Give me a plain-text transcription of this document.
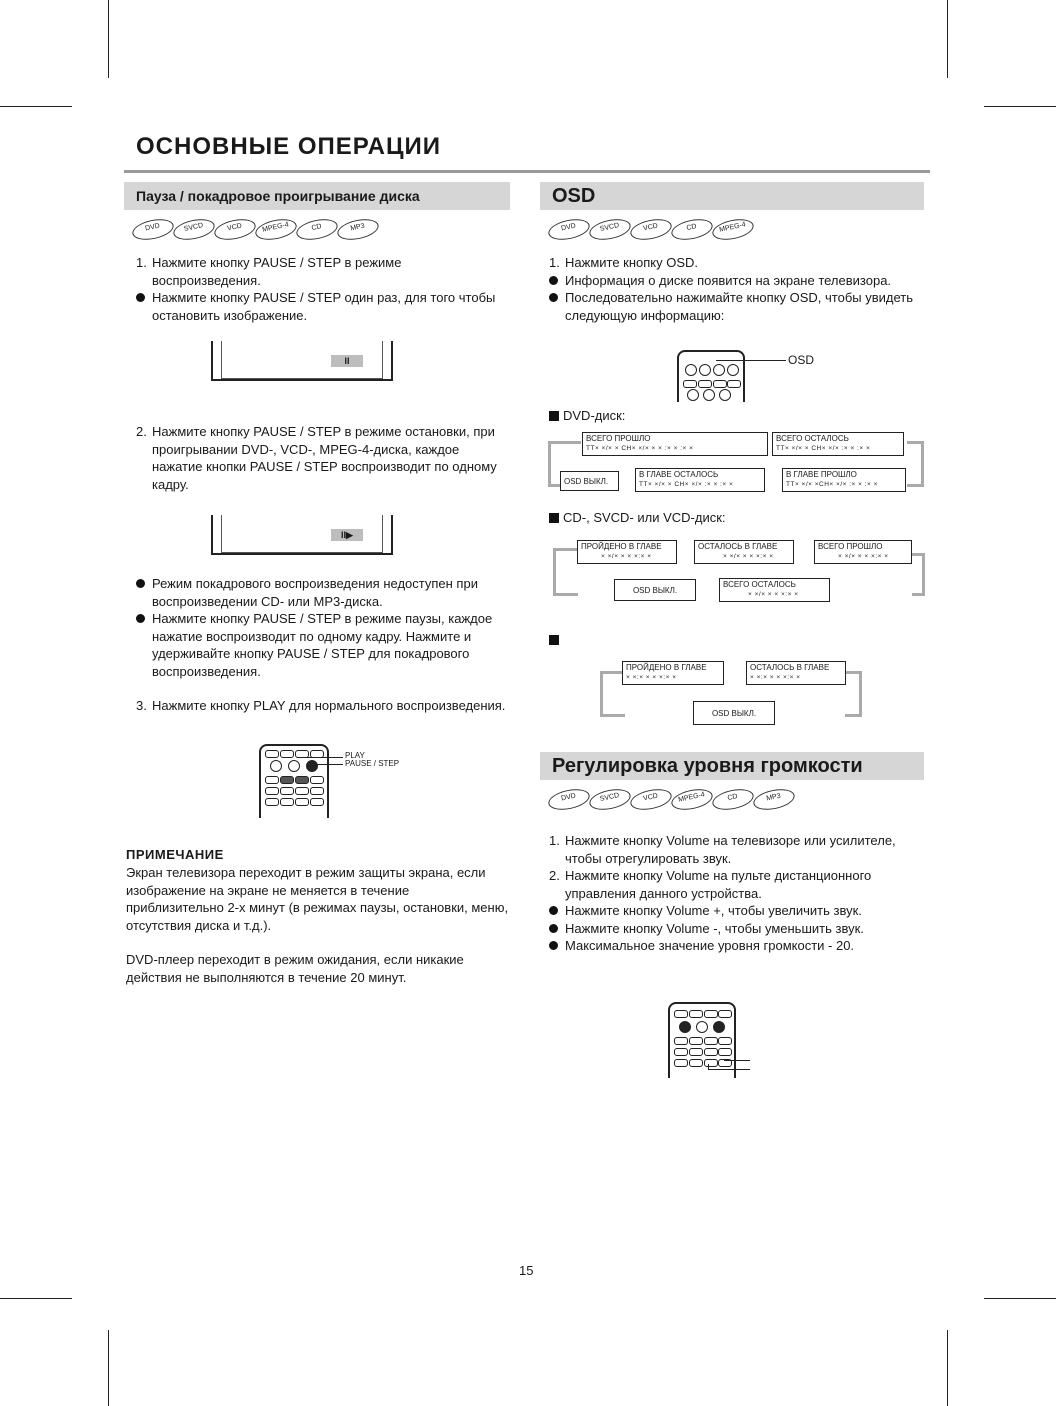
ОСНОВНЫЕ ОПЕРАЦИИ
Пауза / покадровое проигрывание диска
DVD	SVCD	VCD	MPEG-4	CD	MP3
1. Нажмите кнопку PAUSE / STEP в режиме воспроизведения.
Нажмите кнопку PAUSE / STEP один раз, для того чтобы остановить изображение.
II
2. Нажмите кнопку PAUSE / STEP в режиме остановки, при проигрывании DVD-, VCD-, MPEG-4-диска, каждое нажатие кнопки PAUSE / STEP воспроизводит по одному кадру.
II▶
Режим покадрового воспроизведения недоступен при воспроизведении CD- или MP3-диска.
Нажмите кнопку PAUSE / STEP в режиме паузы, каждое нажатие воспроизводит по одному кадру. Нажмите и удерживайте кнопку PAUSE / STEP для покадрового воспроизведения.
3. Нажмите кнопку PLAY для нормального воспроизведения.
PLAY
PAUSE / STEP
ПРИМЕЧАНИЕ
Экран телевизора переходит в режим защиты экрана, если изображение на экране не меняется в течение приблизительно 2-х минут (в режимах паузы, остановки, меню, отсутствия диска и т.д.).
DVD-плеер переходит в режим ожидания, если никакие действия не выполняются в течение 20 минут.
OSD
DVD	SVCD	VCD	CD	MPEG-4
1. Нажмите кнопку OSD.
Информация о диске появится на экране телевизора.
Последовательно нажимайте кнопку OSD, чтобы увидеть следующую информацию:
OSD
DVD-диск:
ВСЕГО ПРОШЛО
TT× ×/× × CH× ×/× × × :× × :× ×
ВСЕГО ОСТАЛОСЬ
TT× ×/× × CH× ×/× :× × :× ×
OSD ВЫКЛ.
В ГЛАВЕ ОСТАЛОСЬ
TT× ×/× × CH× ×/× :× × :× ×
В ГЛАВЕ ПРОШЛО
TT× ×/× ×CH× ×/× :× × :× ×
CD-, SVCD- или VCD-диск:
ПРОЙДЕНО В ГЛАВЕ
× ×/× × × ×:× ×
ОСТАЛОСЬ В ГЛАВЕ
× ×/× × × ×:× ×
ВСЕГО ПРОШЛО
× ×/× × × ×:× ×
OSD ВЫКЛ.
ВСЕГО ОСТАЛОСЬ
× ×/× × × ×:× ×
ПРОЙДЕНО В ГЛАВЕ
× ×:× × × ×:× ×
ОСТАЛОСЬ В ГЛАВЕ
× ×:× × × ×:× ×
OSD ВЫКЛ.
Регулировка уровня громкости
DVD	SVCD	VCD	MPEG-4	CD	MP3
1. Нажмите кнопку Volume на телевизоре или усилителе, чтобы отрегулировать звук.
2. Нажмите кнопку Volume на пульте дистанционного управления данного устройства.
Нажмите кнопку Volume +, чтобы увеличить звук.
Нажмите кнопку Volume -, чтобы уменьшить звук.
Максимальное значение уровня громкости - 20.
15
